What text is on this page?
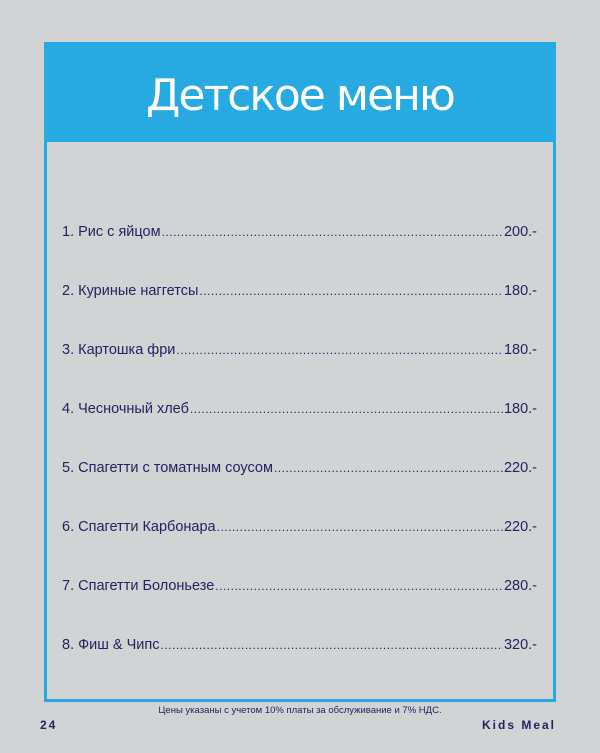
Детское меню
1. Рис с яйцом .....	200.-
2. Куриные наггетсы .....	180.-
3. Картошка фри .....	180.-
4. Чесночный хлеб .....	180.-
5. Спагетти с томатным соусом .....	220.-
6. Спагетти Карбонара .....	220.-
7. Спагетти Болоньезе .....	280.-
8. Фиш & Чипс .....	320.-
Цены указаны с учетом 10% платы за обслуживание и 7% НДС.
24	Kids Meal
